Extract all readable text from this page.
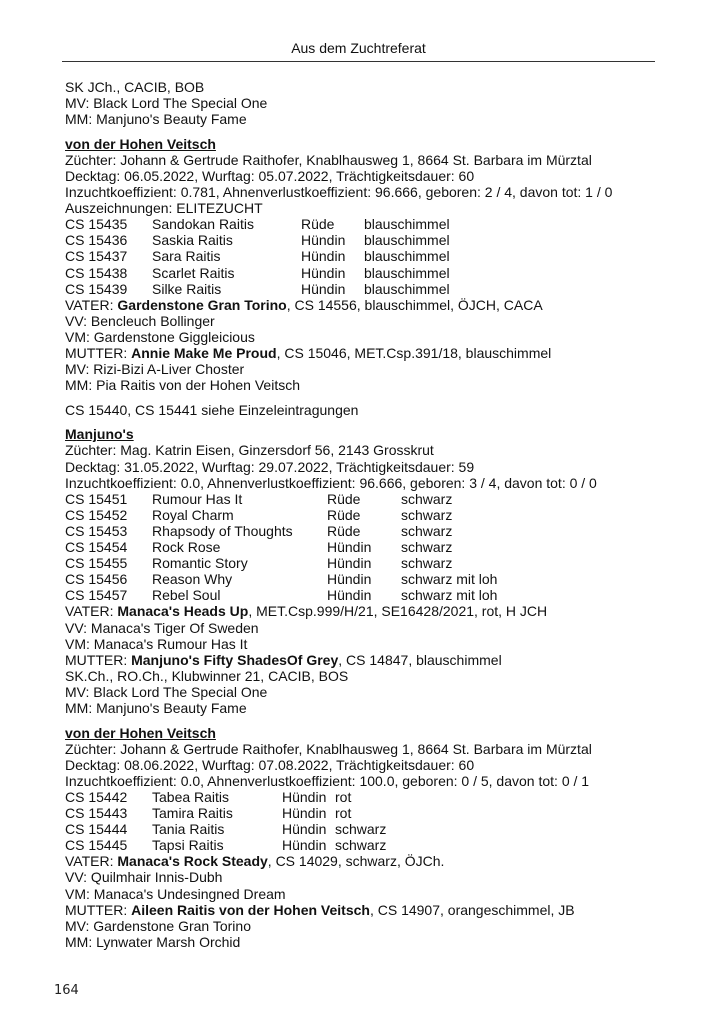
Aus dem Zuchtreferat
SK JCh., CACIB, BOB
MV: Black Lord The Special One
MM: Manjuno's Beauty Fame
von der Hohen Veitsch
Züchter: Johann & Gertrude Raithofer, Knablhausweg 1, 8664 St. Barbara im Mürztal
Decktag: 06.05.2022, Wurftag: 05.07.2022, Trächtigkeitsdauer: 60
Inzuchtkoeffizient: 0.781, Ahnenverlustkoeffizient: 96.666, geboren: 2 / 4, davon tot: 1 / 0
Auszeichnungen: ELITEZUCHT
CS 15435	Sandokan Raitis	Rüde	blauschimmel
CS 15436	Saskia Raitis	Hündin	blauschimmel
CS 15437	Sara Raitis	Hündin	blauschimmel
CS 15438	Scarlet Raitis	Hündin	blauschimmel
CS 15439	Silke Raitis	Hündin	blauschimmel
VATER: Gardenstone Gran Torino, CS 14556, blauschimmel, ÖJCH, CACA
VV: Bencleuch Bollinger
VM: Gardenstone Giggleicious
MUTTER: Annie Make Me Proud, CS 15046, MET.Csp.391/18, blauschimmel
MV: Rizi-Bizi A-Liver Choster
MM: Pia Raitis von der Hohen Veitsch
CS 15440, CS 15441 siehe Einzeleintragungen
Manjuno's
Züchter: Mag. Katrin Eisen, Ginzersdorf 56, 2143 Grosskrut
Decktag: 31.05.2022, Wurftag: 29.07.2022, Trächtigkeitsdauer: 59
Inzuchtkoeffizient: 0.0, Ahnenverlustkoeffizient: 96.666, geboren: 3 / 4, davon tot: 0 / 0
CS 15451	Rumour Has It	Rüde	schwarz
CS 15452	Royal Charm	Rüde	schwarz
CS 15453	Rhapsody of Thoughts	Rüde	schwarz
CS 15454	Rock Rose	Hündin	schwarz
CS 15455	Romantic Story	Hündin	schwarz
CS 15456	Reason Why	Hündin	schwarz mit loh
CS 15457	Rebel Soul	Hündin	schwarz mit loh
VATER: Manaca's Heads Up, MET.Csp.999/H/21, SE16428/2021, rot, H JCH
VV: Manaca's Tiger Of Sweden
VM: Manaca's Rumour Has It
MUTTER: Manjuno's Fifty ShadesOf Grey, CS 14847, blauschimmel
SK.Ch., RO.Ch., Klubwinner 21, CACIB, BOS
MV: Black Lord The Special One
MM: Manjuno's Beauty Fame
von der Hohen Veitsch
Züchter: Johann & Gertrude Raithofer, Knablhausweg 1, 8664 St. Barbara im Mürztal
Decktag: 08.06.2022, Wurftag: 07.08.2022, Trächtigkeitsdauer: 60
Inzuchtkoeffizient: 0.0, Ahnenverlustkoeffizient: 100.0, geboren: 0 / 5, davon tot: 0 / 1
CS 15442	Tabea Raitis	Hündin rot
CS 15443	Tamira Raitis	Hündin rot
CS 15444	Tania Raitis	Hündin schwarz
CS 15445	Tapsi Raitis	Hündin schwarz
VATER: Manaca's Rock Steady, CS 14029, schwarz, ÖJCh.
VV: Quilmhair Innis-Dubh
VM: Manaca's Undesingned Dream
MUTTER: Aileen Raitis von der Hohen Veitsch, CS 14907, orangeschimmel, JB
MV: Gardenstone Gran Torino
MM: Lynwater Marsh Orchid
164
